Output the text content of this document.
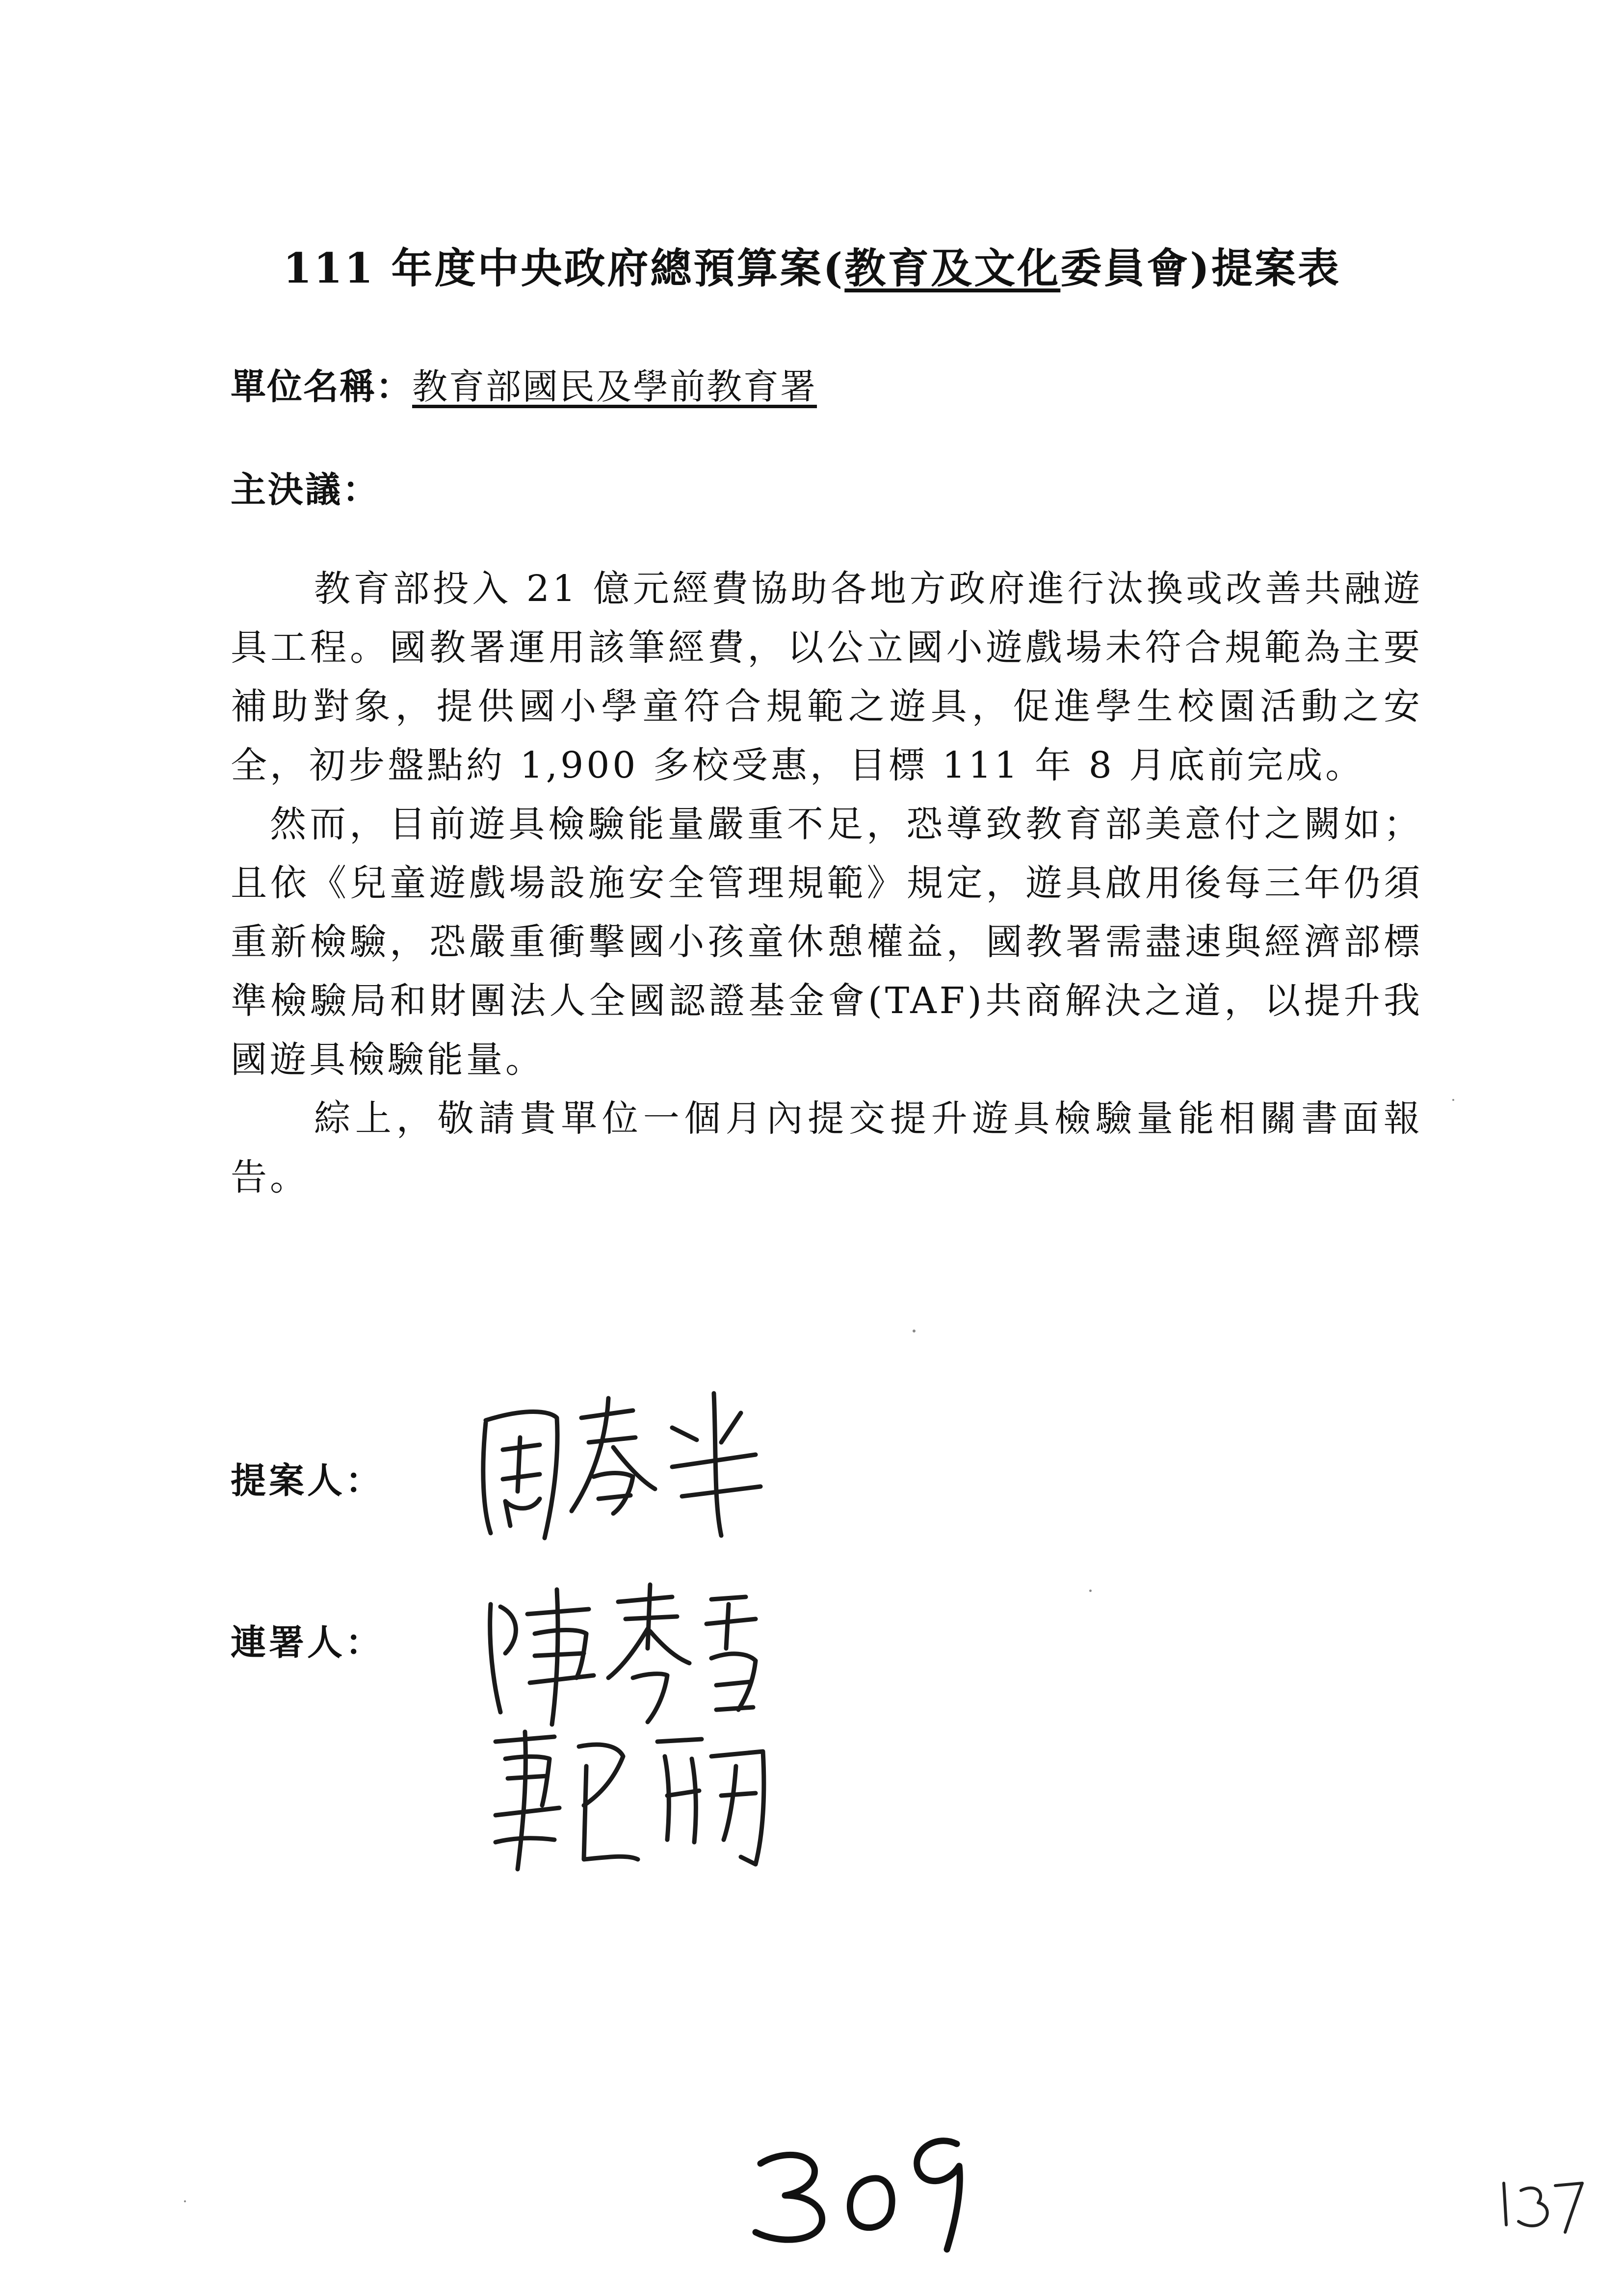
111 年度中央政府總預算案(教育及文化委員會)提案表
單位名稱：教育部國民及學前教育署
主決議：

教育部投入 21 億元經費協助各地方政府進行汰換或改善共融遊具工程。國教署運用該筆經費，以公立國小遊戲場未符合規範為主要補助對象，提供國小學童符合規範之遊具，促進學生校園活動之安全，初步盤點約 1,900 多校受惠，目標 111 年 8 月底前完成。

然而，目前遊具檢驗能量嚴重不足，恐導致教育部美意付之闕如；且依《兒童遊戲場設施安全管理規範》規定，遊具啟用後每三年仍須重新檢驗，恐嚴重衝擊國小孩童休憩權益，國教署需盡速與經濟部標準檢驗局和財團法人全國認證基金會(TAF)共商解決之道，以提升我國遊具檢驗能量。

綜上，敬請貴單位一個月內提交提升遊具檢驗量能相關書面報告。

提案人：
連署人：
